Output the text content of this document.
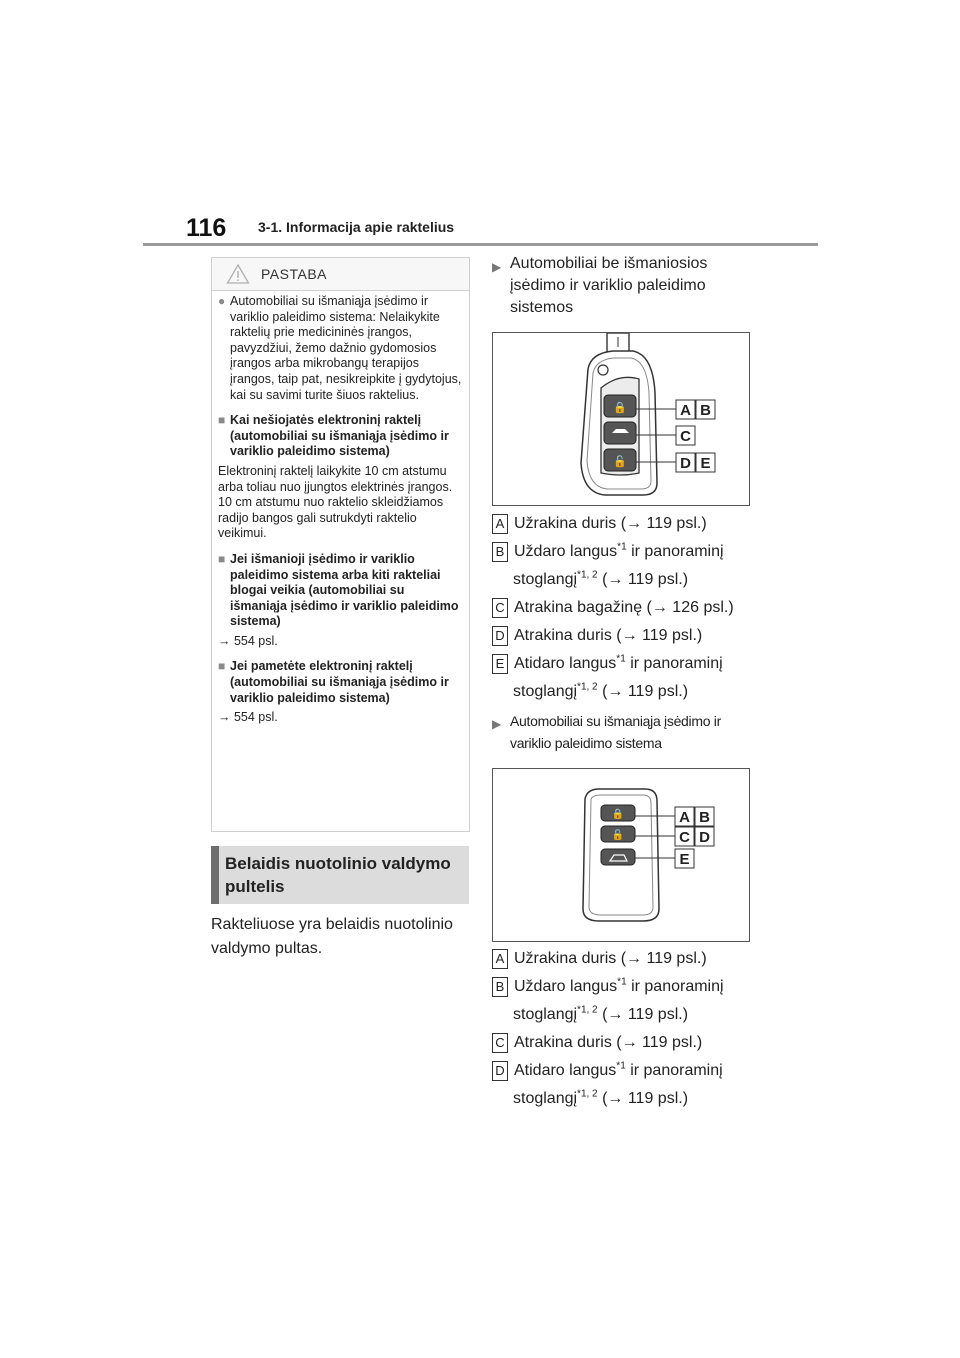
116 3-1. Informacija apie raktelius
PASTABA

● Automobiliai su išmaniąja įsėdimo ir variklio paleidimo sistema: Nelaikykite raktelių prie medicininės įrangos, pavyzdžiui, žemo dažnio gydomosios įrangos arba mikrobangų terapijos įrangos, taip pat, nesikreipkite į gydytojus, kai su savimi turite šiuos raktelius.

■ Kai nešiojatės elektroninį raktelį (automobiliai su išmaniąja įsėdimo ir variklio paleidimo sistema)

Elektroninį raktelį laikykite 10 cm atstumu arba toliau nuo įjungtos elektrinės įrangos. 10 cm atstumu nuo raktelio skleidžiamos radijo bangos gali sutrukdyti raktelio veikimui.

■ Jei išmanioji įsėdimo ir variklio paleidimo sistema arba kiti rakteliai blogai veikia (automobiliai su išmaniąja įsėdimo ir variklio paleidimo sistema)

→ 554 psl.

■ Jei pametėte elektroninį raktelį (automobiliai su išmaniąja įsėdimo ir variklio paleidimo sistema)

→ 554 psl.

Belaidis nuotolinio valdymo pultelis
Rakteliuose yra belaidis nuotolinio valdymo pultas.
▶ Automobiliai be išmaniosios įsėdimo ir variklio paleidimo sistemos
🔒
🔓
A B
C
D E
A Užrakina duris (→ 119 psl.)
B Uždaro langus$^{*1}$ ir panoraminį
stoglangį$^{*1, 2}$ (→ 119 psl.)
C Atrakina bagažinę (→ 126 psl.)
D Atrakina duris (→ 119 psl.)
E Atidaro langus$^{*1}$ ir panoraminį
stoglangį$^{*1, 2}$ (→ 119 psl.)
▶ Automobiliai su išmaniąja įsėdimo ir variklio paleidimo sistema
🔒
🔓
A B
C D
E
A Užrakina duris (→ 119 psl.)
B Uždaro langus$^{*1}$ ir panoraminį
stoglangį$^{*1, 2}$ (→ 119 psl.)
C Atrakina duris (→ 119 psl.)
D Atidaro langus$^{*1}$ ir panoraminį
stoglangį$^{*1, 2}$ (→ 119 psl.)
